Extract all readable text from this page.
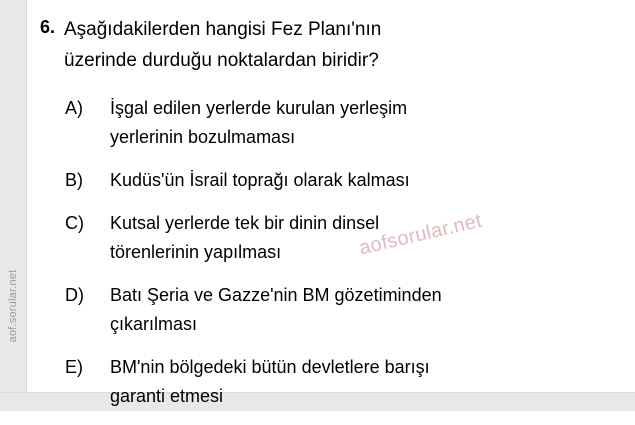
aof.sorular.net
6. Aşağıdakilerden hangisi Fez Planı'nın
üzerinde durduğu noktalardan biridir?
A)	İşgal edilen yerlerde kurulan yerleşim
yerlerinin bozulmaması
B)	Kudüs'ün İsrail toprağı olarak kalması
C)	Kutsal yerlerde tek bir dinin dinsel
törenlerinin yapılması
D)	Batı Şeria ve Gazze'nin BM gözetiminden
çıkarılması
E)	BM'nin bölgedeki bütün devletlere barışı
garanti etmesi
aofsorular.net
